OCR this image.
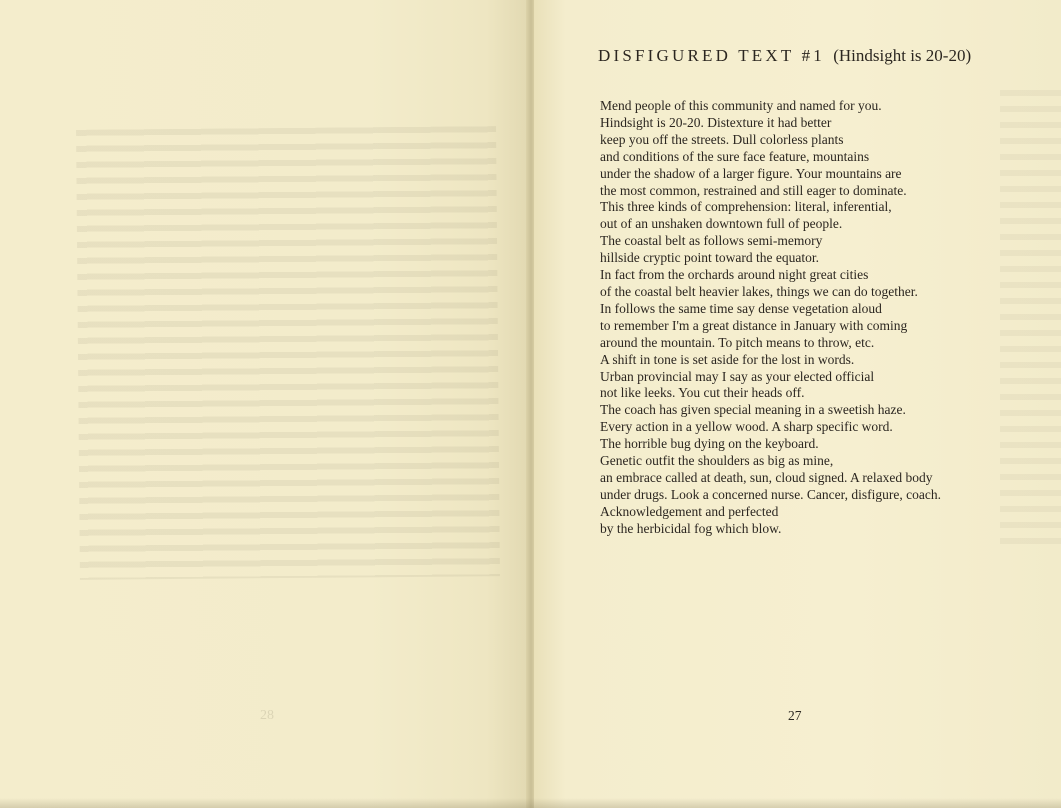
28
DISFIGURED TEXT #1 (Hindsight is 20-20)
Mend people of this community and named for you.
Hindsight is 20-20. Distexture it had better
keep you off the streets. Dull colorless plants
and conditions of the sure face feature, mountains
under the shadow of a larger figure. Your mountains are
the most common, restrained and still eager to dominate.
This three kinds of comprehension: literal, inferential,
out of an unshaken downtown full of people.
The coastal belt as follows semi-memory
hillside cryptic point toward the equator.
In fact from the orchards around night great cities
of the coastal belt heavier lakes, things we can do together.
In follows the same time say dense vegetation aloud
to remember I'm a great distance in January with coming
around the mountain. To pitch means to throw, etc.
A shift in tone is set aside for the lost in words.
Urban provincial may I say as your elected official
not like leeks. You cut their heads off.
The coach has given special meaning in a sweetish haze.
Every action in a yellow wood. A sharp specific word.
The horrible bug dying on the keyboard.
Genetic outfit the shoulders as big as mine,
an embrace called at death, sun, cloud signed. A relaxed body
under drugs. Look a concerned nurse. Cancer, disfigure, coach.
Acknowledgement and perfected
by the herbicidal fog which blow.
27
